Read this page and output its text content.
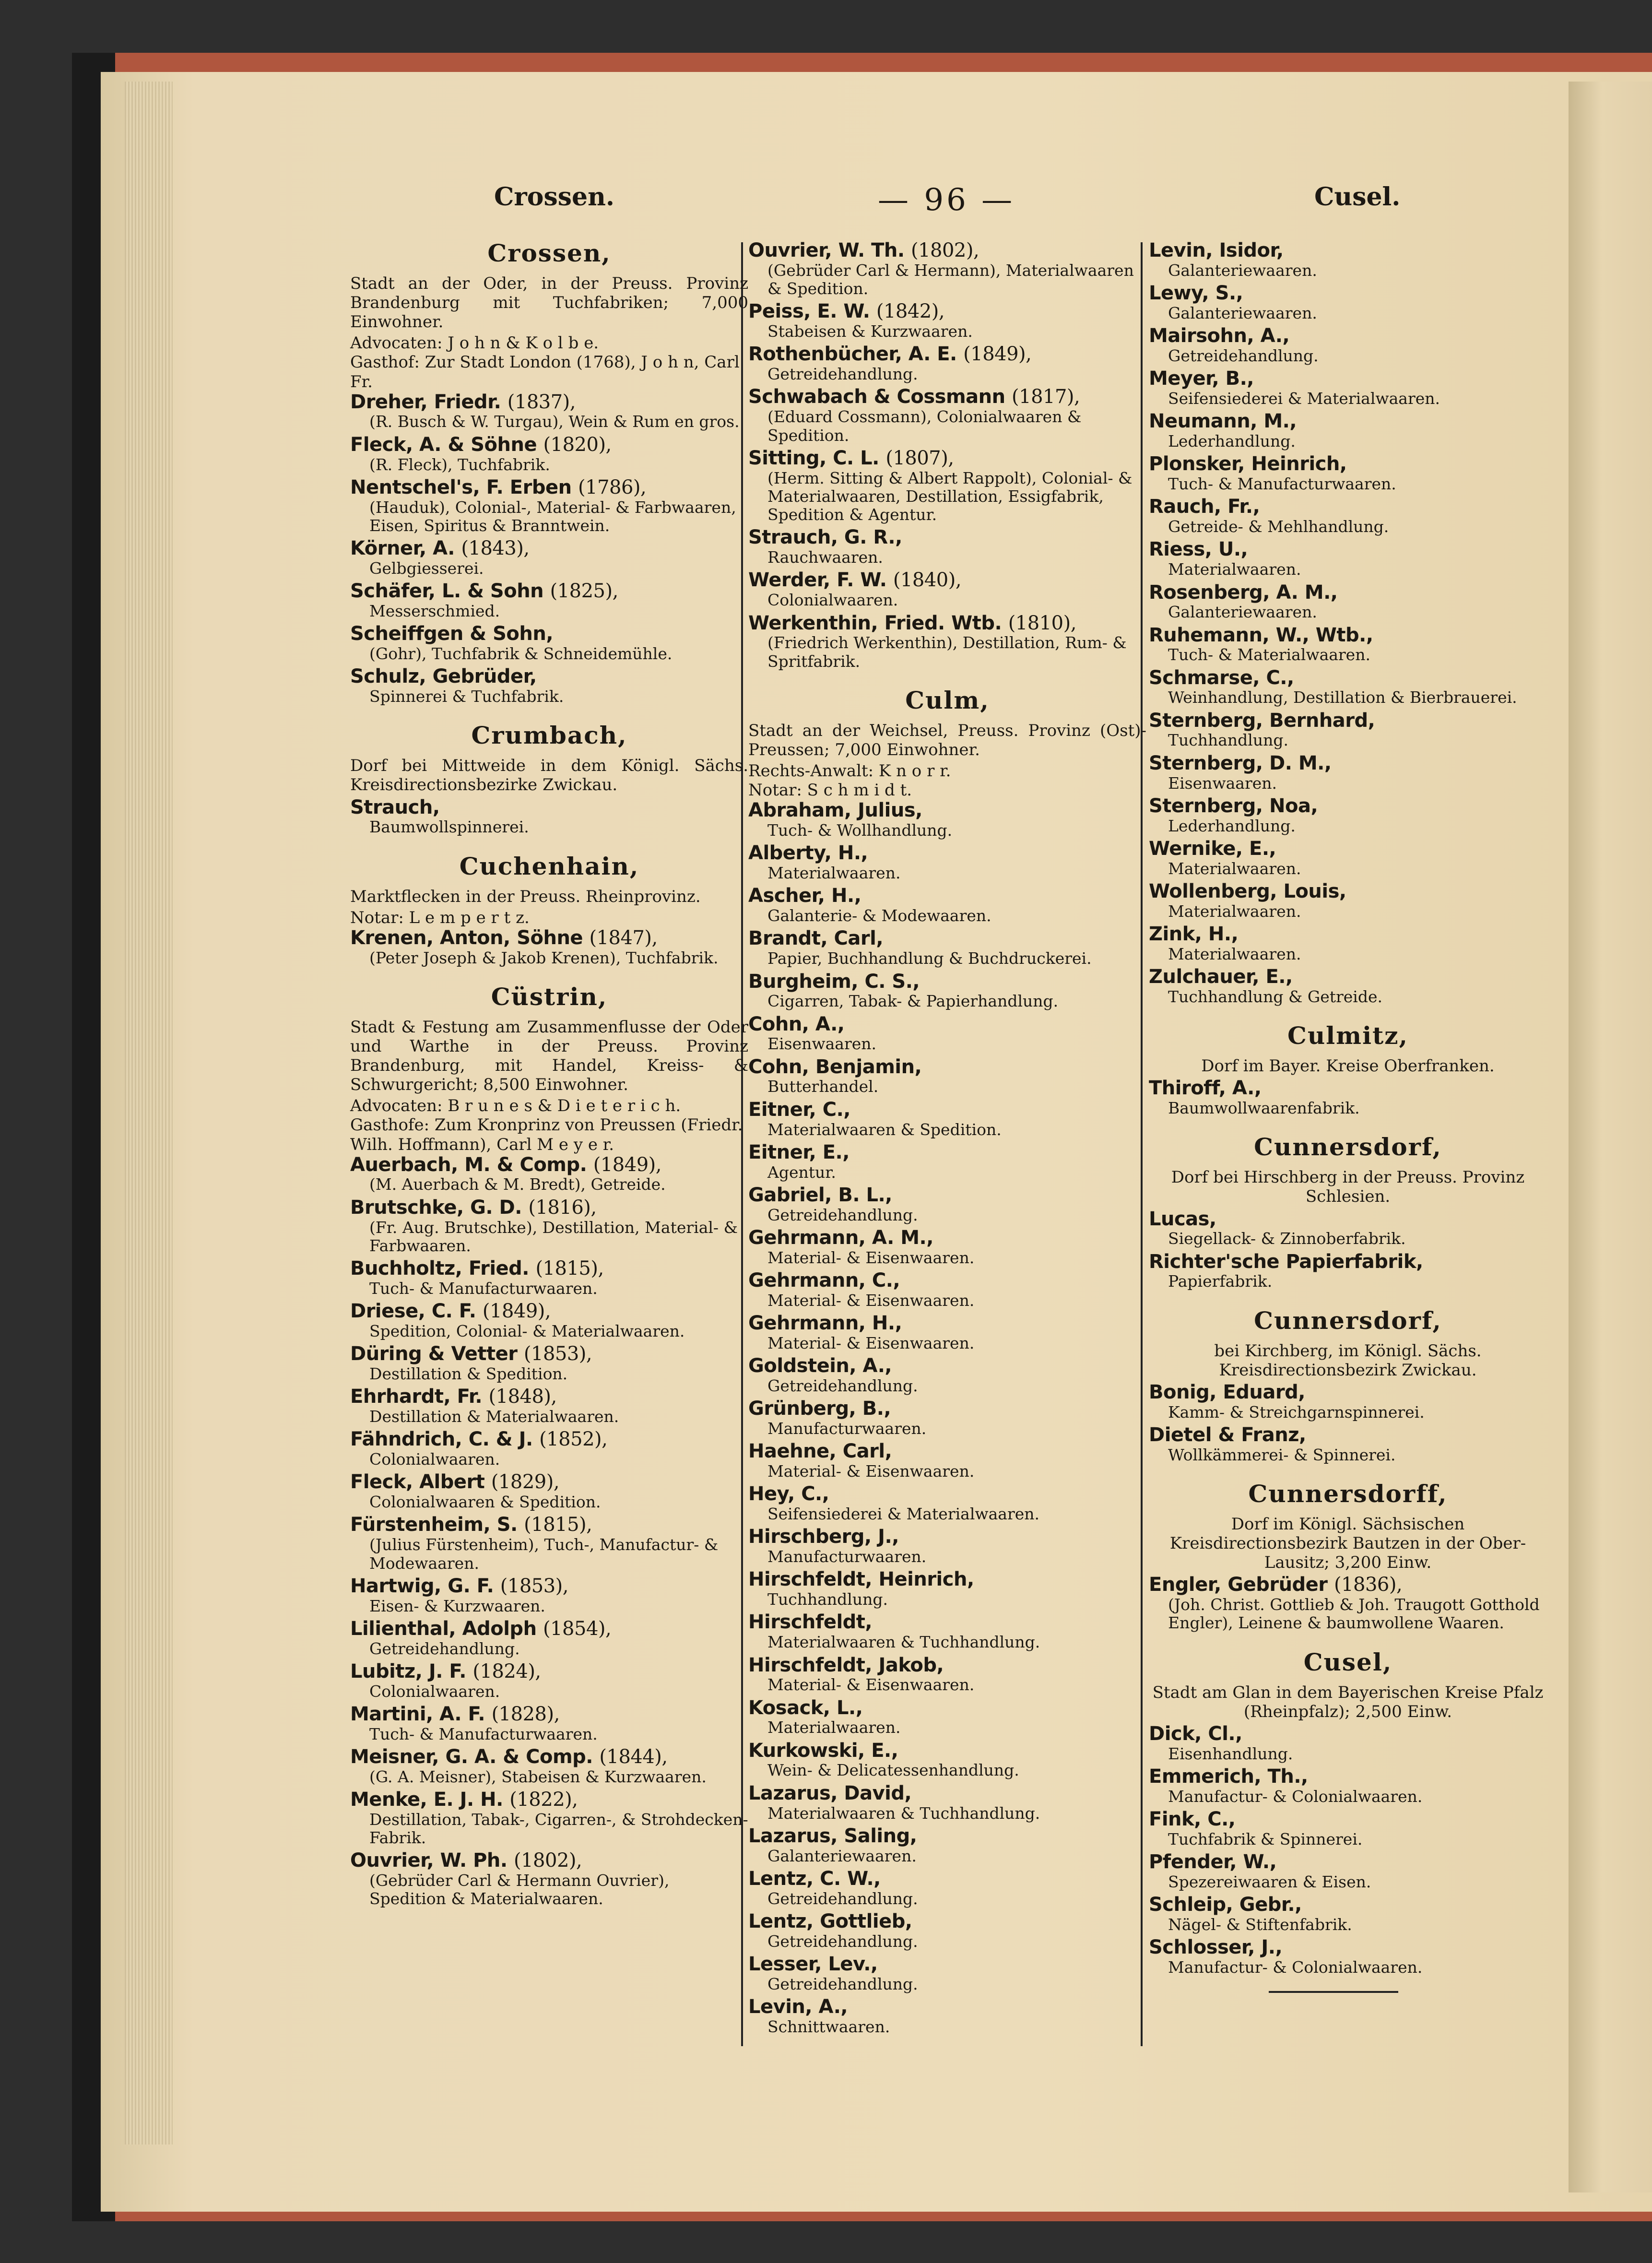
Crossen.	— 96 —	Cusel.
Crossen,
Stadt an der Oder, in der Preuss. Provinz Brandenburg mit Tuchfabriken; 7,000 Einwohner.
Advocaten: J o h n & K o l b e.
Gasthof: Zur Stadt London (1768), J o h n, Carl Fr.
Dreher, Friedr. (1837),
(R. Busch & W. Turgau), Wein & Rum en gros.
Fleck, A. & Söhne (1820),
(R. Fleck), Tuchfabrik.
Nentschel's, F. Erben (1786),
(Hauduk), Colonial-, Material- & Farbwaaren, Eisen, Spiritus & Branntwein.
Körner, A. (1843),
Gelbgiesserei.
Schäfer, L. & Sohn (1825),
Messerschmied.
Scheiffgen & Sohn,
(Gohr), Tuchfabrik & Schneidemühle.
Schulz, Gebrüder,
Spinnerei & Tuchfabrik.
Crumbach,
Dorf bei Mittweide in dem Königl. Sächs. Kreisdirectionsbezirke Zwickau.
Strauch,
Baumwollspinnerei.
Cuchenhain,
Marktflecken in der Preuss. Rheinprovinz.
Notar: L e m p e r t z.
Krenen, Anton, Söhne (1847),
(Peter Joseph & Jakob Krenen), Tuchfabrik.
Cüstrin,
Stadt & Festung am Zusammenflusse der Oder und Warthe in der Preuss. Provinz Brandenburg, mit Handel, Kreiss- & Schwurgericht; 8,500 Einwohner.
Advocaten: B r u n e s & D i e t e r i c h.
Gasthofe: Zum Kronprinz von Preussen (Friedr. Wilh. Hoffmann), Carl M e y e r.
Auerbach, M. & Comp. (1849),
(M. Auerbach & M. Bredt), Getreide.
Brutschke, G. D. (1816),
(Fr. Aug. Brutschke), Destillation, Material- & Farbwaaren.
Buchholtz, Fried. (1815),
Tuch- & Manufacturwaaren.
Driese, C. F. (1849),
Spedition, Colonial- & Materialwaaren.
Düring & Vetter (1853),
Destillation & Spedition.
Ehrhardt, Fr. (1848),
Destillation & Materialwaaren.
Fähndrich, C. & J. (1852),
Colonialwaaren.
Fleck, Albert (1829),
Colonialwaaren & Spedition.
Fürstenheim, S. (1815),
(Julius Fürstenheim), Tuch-, Manufactur- & Modewaaren.
Hartwig, G. F. (1853),
Eisen- & Kurzwaaren.
Lilienthal, Adolph (1854),
Getreidehandlung.
Lubitz, J. F. (1824),
Colonialwaaren.
Martini, A. F. (1828),
Tuch- & Manufacturwaaren.
Meisner, G. A. & Comp. (1844),
(G. A. Meisner), Stabeisen & Kurzwaaren.
Menke, E. J. H. (1822),
Destillation, Tabak-, Cigarren-, & Strohdecken-Fabrik.
Ouvrier, W. Ph. (1802),
(Gebrüder Carl & Hermann Ouvrier), Spedition & Materialwaaren.
Ouvrier, W. Th. (1802),
(Gebrüder Carl & Hermann), Materialwaaren & Spedition.
Peiss, E. W. (1842),
Stabeisen & Kurzwaaren.
Rothenbücher, A. E. (1849),
Getreidehandlung.
Schwabach & Cossmann (1817),
(Eduard Cossmann), Colonialwaaren & Spedition.
Sitting, C. L. (1807),
(Herm. Sitting & Albert Rappolt), Colonial- & Materialwaaren, Destillation, Essigfabrik, Spedition & Agentur.
Strauch, G. R.,
Rauchwaaren.
Werder, F. W. (1840),
Colonialwaaren.
Werkenthin, Fried. Wtb. (1810),
(Friedrich Werkenthin), Destillation, Rum- & Spritfabrik.
Culm,
Stadt an der Weichsel, Preuss. Provinz (Ost)-Preussen; 7,000 Einwohner.
Rechts-Anwalt: K n o r r.
Notar: S c h m i d t.
Abraham, Julius,
Tuch- & Wollhandlung.
Alberty, H.,
Materialwaaren.
Ascher, H.,
Galanterie- & Modewaaren.
Brandt, Carl,
Papier, Buchhandlung & Buchdruckerei.
Burgheim, C. S.,
Cigarren, Tabak- & Papierhandlung.
Cohn, A.,
Eisenwaaren.
Cohn, Benjamin,
Butterhandel.
Eitner, C.,
Materialwaaren & Spedition.
Eitner, E.,
Agentur.
Gabriel, B. L.,
Getreidehandlung.
Gehrmann, A. M.,
Material- & Eisenwaaren.
Gehrmann, C.,
Material- & Eisenwaaren.
Gehrmann, H.,
Material- & Eisenwaaren.
Goldstein, A.,
Getreidehandlung.
Grünberg, B.,
Manufacturwaaren.
Haehne, Carl,
Material- & Eisenwaaren.
Hey, C.,
Seifensiederei & Materialwaaren.
Hirschberg, J.,
Manufacturwaaren.
Hirschfeldt, Heinrich,
Tuchhandlung.
Hirschfeldt,
Materialwaaren & Tuchhandlung.
Hirschfeldt, Jakob,
Material- & Eisenwaaren.
Kosack, L.,
Materialwaaren.
Kurkowski, E.,
Wein- & Delicatessenhandlung.
Lazarus, David,
Materialwaaren & Tuchhandlung.
Lazarus, Saling,
Galanteriewaaren.
Lentz, C. W.,
Getreidehandlung.
Lentz, Gottlieb,
Getreidehandlung.
Lesser, Lev.,
Getreidehandlung.
Levin, A.,
Schnittwaaren.
Levin, Isidor,
Galanteriewaaren.
Lewy, S.,
Galanteriewaaren.
Mairsohn, A.,
Getreidehandlung.
Meyer, B.,
Seifensiederei & Materialwaaren.
Neumann, M.,
Lederhandlung.
Plonsker, Heinrich,
Tuch- & Manufacturwaaren.
Rauch, Fr.,
Getreide- & Mehlhandlung.
Riess, U.,
Materialwaaren.
Rosenberg, A. M.,
Galanteriewaaren.
Ruhemann, W., Wtb.,
Tuch- & Materialwaaren.
Schmarse, C.,
Weinhandlung, Destillation & Bierbrauerei.
Sternberg, Bernhard,
Tuchhandlung.
Sternberg, D. M.,
Eisenwaaren.
Sternberg, Noa,
Lederhandlung.
Wernike, E.,
Materialwaaren.
Wollenberg, Louis,
Materialwaaren.
Zink, H.,
Materialwaaren.
Zulchauer, E.,
Tuchhandlung & Getreide.
Culmitz,
Dorf im Bayer. Kreise Oberfranken.
Thiroff, A.,
Baumwollwaarenfabrik.
Cunnersdorf,
Dorf bei Hirschberg in der Preuss. Provinz Schlesien.
Lucas,
Siegellack- & Zinnoberfabrik.
Richter'sche Papierfabrik,
Papierfabrik.
Cunnersdorf,
bei Kirchberg, im Königl. Sächs. Kreisdirectionsbezirk Zwickau.
Bonig, Eduard,
Kamm- & Streichgarnspinnerei.
Dietel & Franz,
Wollkämmerei- & Spinnerei.
Cunnersdorff,
Dorf im Königl. Sächsischen Kreisdirectionsbezirk Bautzen in der Ober-Lausitz; 3,200 Einw.
Engler, Gebrüder (1836),
(Joh. Christ. Gottlieb & Joh. Traugott Gotthold Engler), Leinene & baumwollene Waaren.
Cusel,
Stadt am Glan in dem Bayerischen Kreise Pfalz (Rheinpfalz); 2,500 Einw.
Dick, Cl.,
Eisenhandlung.
Emmerich, Th.,
Manufactur- & Colonialwaaren.
Fink, C.,
Tuchfabrik & Spinnerei.
Pfender, W.,
Spezereiwaaren & Eisen.
Schleip, Gebr.,
Nägel- & Stiftenfabrik.
Schlosser, J.,
Manufactur- & Colonialwaaren.
